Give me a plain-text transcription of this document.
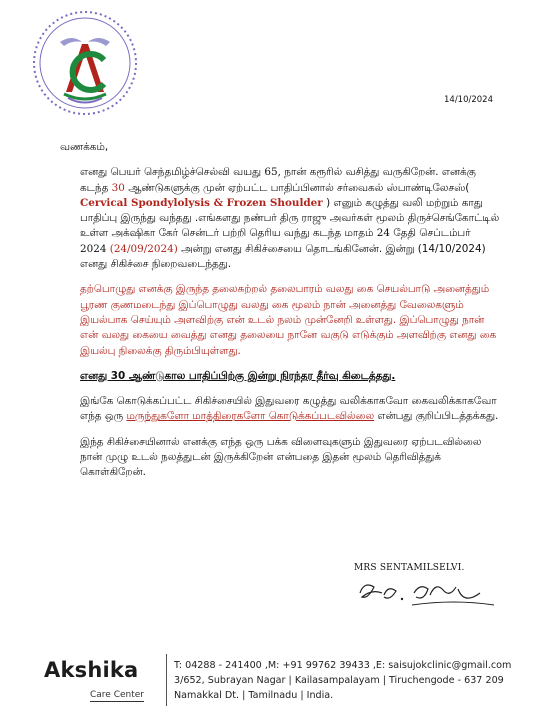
14/10/2024

வணக்கம்,

எனது பெயர் செந்தமிழ்ச்செல்வி வயது 65, நான் கரூரில் வசித்து வருகிறேன். எனக்கு கடந்த 30 ஆண்டுகளுக்கு முன் ஏற்பட்ட பாதிப்பினால் சர்வைகல் ஸ்பாண்டிலேசஸ்( Cervical Spondylolysis & Frozen Shoulder ) எனும் கழுத்து வலி மற்றும் காது பாதிப்பு இருந்து வந்தது .எங்களது நண்பர் திரு ராஜு அவர்கள் மூலம் திருச்செங்கோட்டில் உள்ள அக்‌ஷிகா கேர் சென்டர் பற்றி தெரிய வந்து கடந்த மாதம் 24 தேதி செப்டம்பர் 2024 (24/09/2024) அன்று எனது சிகிச்சையை தொடங்கினேன். இன்று (14/10/2024) எனது சிகிச்சை நிறைவடைந்தது.

தற்பொழுது எனக்கு இருந்த தலைசுற்றல் தலைபாரம் வலது கை செயல்பாடு அனைத்தும் பூரண குணமடைந்து இப்பொழுது வலது கை மூலம் நான் அனைத்து வேலைகளும் இயல்பாக செய்யும் அளவிற்கு என் உடல் நலம் முன்னேறி உள்ளது. இப்பொழுது நான் என் வலது கையை வைத்து எனது தலையை நானே வகுடு எடுக்கும் அளவிற்கு எனது கை இயல்பு நிலைக்கு திரும்பியுள்ளது.

எனது 30 ஆண்டுகால பாதிப்பிற்கு இன்று நிரந்தர தீர்வு கிடைத்தது.

இங்கே கொடுக்கப்பட்ட சிகிச்சையில் இதுவரை கழுத்து வலிக்காகவோ கைவலிக்காகவோ எந்த ஒரு மருந்துகளோ மாத்திரைகளோ கொடுக்கப்படவில்லை என்பது குறிப்பிடத்தக்கது.

இந்த சிகிச்சையினால் எனக்கு எந்த ஒரு பக்க விளைவுகளும் இதுவரை ஏற்படவில்லை நான் முழு உடல் நலத்துடன் இருக்கிறேன் என்பதை இதன் மூலம் தெரிவித்துக் கொள்கிறேன்.

MRS SENTAMILSELVI.
Akshika
Care Center
T: 04288 - 241400 ,M: +91 99762 39433 ,E: saisujokclinic@gmail.com
3/652, Subrayan Nagar | Kailasampalayam | Tiruchengode - 637 209
Namakkal Dt. | Tamilnadu | India.
